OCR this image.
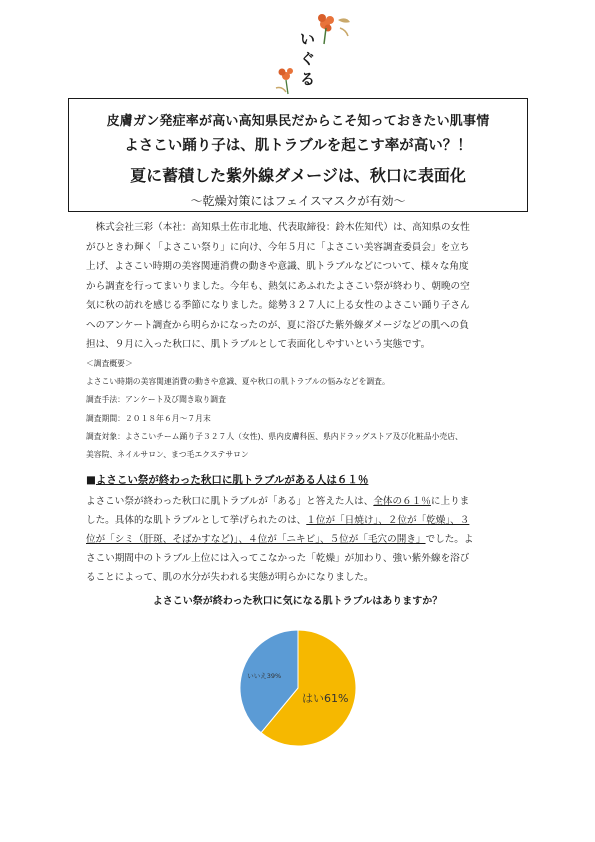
い
ぐ
る
皮膚ガン発症率が高い高知県民だからこそ知っておきたい肌事情
よさこい踊り子は、肌トラブルを起こす率が高い？！
夏に蓄積した紫外線ダメージは、秋口に表面化
～乾燥対策にはフェイスマスクが有効～
株式会社三彩（本社：高知県土佐市北地、代表取締役：鈴木佐知代）は、高知県の女性
がひときわ輝く「よさこい祭り」に向け、今年５月に「よさこい美容調査委員会」を立ち
上げ、よさこい時期の美容関連消費の動きや意識、肌トラブルなどについて、様々な角度
から調査を行ってまいりました。今年も、熱気にあふれたよさこい祭が終わり、朝晩の空
気に秋の訪れを感じる季節になりました。総勢３２７人に上る女性のよさこい踊り子さん
へのアンケート調査から明らかになったのが、夏に浴びた紫外線ダメージなどの肌への負
担は、９月に入った秋口に、肌トラブルとして表面化しやすいという実態です。
＜調査概要＞
よさこい時期の美容関連消費の動きや意識、夏や秋口の肌トラブルの悩みなどを調査。
調査手法：アンケート及び聞き取り調査
調査期間：２０１８年６月～７月末
調査対象：よさこいチーム踊り子３２７人（女性)、県内皮膚科医、県内ドラッグストア及び化粧品小売店、
美容院、ネイルサロン、まつ毛エクステサロン
■よさこい祭が終わった秋口に肌トラブルがある人は６１％
よさこい祭が終わった秋口に肌トラブルが「ある」と答えた人は、全体の６１％に上りま
した。具体的な肌トラブルとして挙げられたのは、１位が「日焼け」、２位が「乾燥」、３
位が「シミ（肝斑、そばかすなど)」、４位が「ニキビ」、５位が「毛穴の開き」でした。よ
さこい期間中のトラブル上位には入ってこなかった「乾燥」が加わり、強い紫外線を浴び
ることによって、肌の水分が失われる実態が明らかになりました。
よさこい祭が終わった秋口に気になる肌トラブルはありますか？
はい61%
いいえ39%
